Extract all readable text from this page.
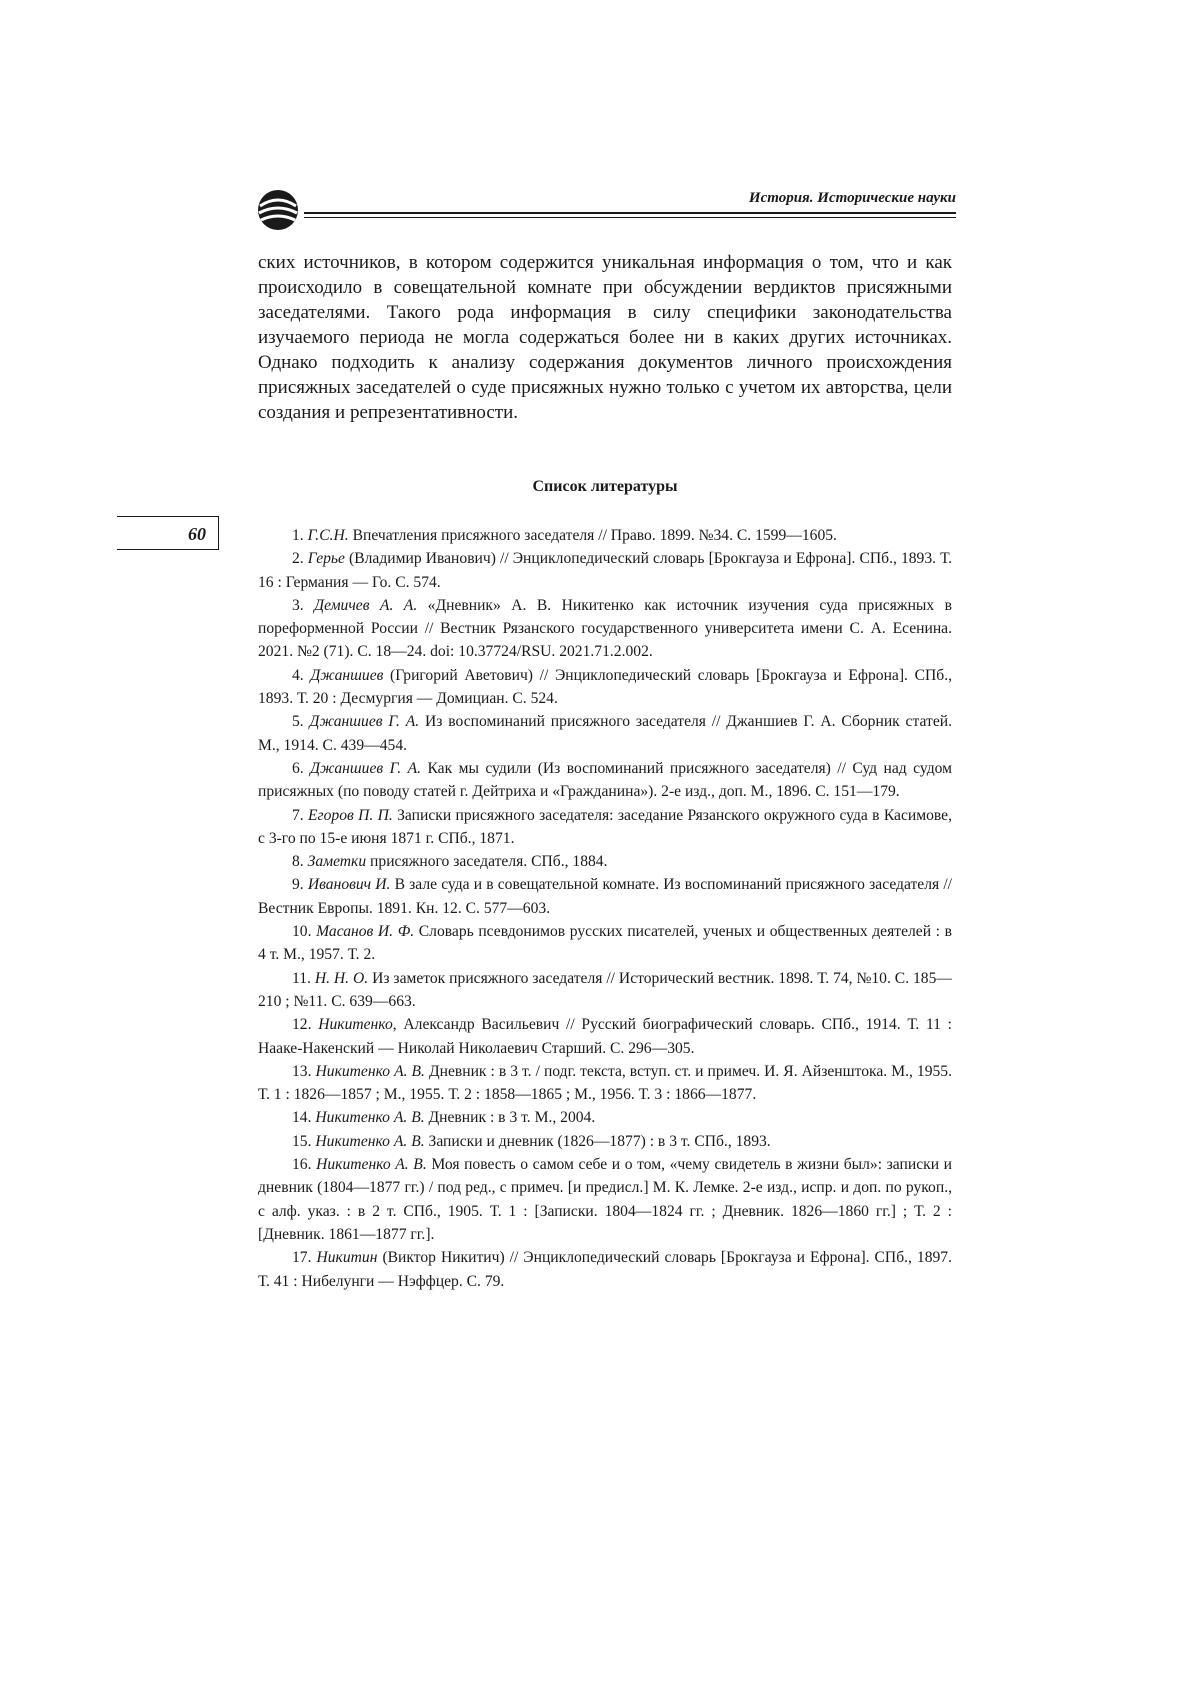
История. Исторические науки

ских источников, в котором содержится уникальная информация о том, что и как происходило в совещательной комнате при обсуждении вердиктов присяжными заседателями. Такого рода информация в силу специфики законодательства изучаемого периода не могла содержаться более ни в каких других источниках. Однако подходить к анализу содержания документов личного происхождения присяжных заседателей о суде присяжных нужно только с учетом их авторства, цели создания и репрезентативности.

Список литературы
60	1. Г.С.Н. Впечатления присяжного заседателя // Право. 1899. №34. С. 1599—1605.
2. Герье (Владимир Иванович) // Энциклопедический словарь [Брокгауза и Ефрона]. СПб., 1893. Т. 16 : Германия — Го. С. 574.
3. Демичев А. А. «Дневник» А. В. Никитенко как источник изучения суда присяжных в пореформенной России // Вестник Рязанского государственного университета имени С. А. Есенина. 2021. №2 (71). С. 18—24. doi: 10.37724/RSU. 2021.71.2.002.
4. Джаншиев (Григорий Аветович) // Энциклопедический словарь [Брокгауза и Ефрона]. СПб., 1893. Т. 20 : Десмургия — Домициан. С. 524.
5. Джаншиев Г. А. Из воспоминаний присяжного заседателя // Джаншиев Г. А. Сборник статей. М., 1914. С. 439—454.
6. Джаншиев Г. А. Как мы судили (Из воспоминаний присяжного заседателя) // Суд над судом присяжных (по поводу статей г. Дейтриха и «Гражданина»). 2-е изд., доп. М., 1896. С. 151—179.
7. Егоров П. П. Записки присяжного заседателя: заседание Рязанского окружного суда в Касимове, с 3-го по 15-е июня 1871 г. СПб., 1871.
8. Заметки присяжного заседателя. СПб., 1884.
9. Иванович И. В зале суда и в совещательной комнате. Из воспоминаний присяжного заседателя // Вестник Европы. 1891. Кн. 12. С. 577—603.
10. Масанов И. Ф. Словарь псевдонимов русских писателей, ученых и общественных деятелей : в 4 т. М., 1957. Т. 2.
11. Н. Н. О. Из заметок присяжного заседателя // Исторический вестник. 1898. Т. 74, №10. С. 185—210 ; №11. С. 639—663.
12. Никитенко, Александр Васильевич // Русский биографический словарь. СПб., 1914. Т. 11 : Нааке-Накенский — Николай Николаевич Старший. С. 296—305.
13. Никитенко А. В. Дневник : в 3 т. / подг. текста, вступ. ст. и примеч. И. Я. Айзенштока. М., 1955. Т. 1 : 1826—1857 ; М., 1955. Т. 2 : 1858—1865 ; М., 1956. Т. 3 : 1866—1877.
14. Никитенко А. В. Дневник : в 3 т. М., 2004.
15. Никитенко А. В. Записки и дневник (1826—1877) : в 3 т. СПб., 1893.
16. Никитенко А. В. Моя повесть о самом себе и о том, «чему свидетель в жизни был»: записки и дневник (1804—1877 гг.) / под ред., с примеч. [и предисл.] М. К. Лемке. 2-е изд., испр. и доп. по рукоп., с алф. указ. : в 2 т. СПб., 1905. Т. 1 : [Записки. 1804—1824 гг. ; Дневник. 1826—1860 гг.] ; Т. 2 : [Дневник. 1861—1877 гг.].
17. Никитин (Виктор Никитич) // Энциклопедический словарь [Брокгауза и Ефрона]. СПб., 1897. Т. 41 : Нибелунги — Нэффцер. С. 79.
